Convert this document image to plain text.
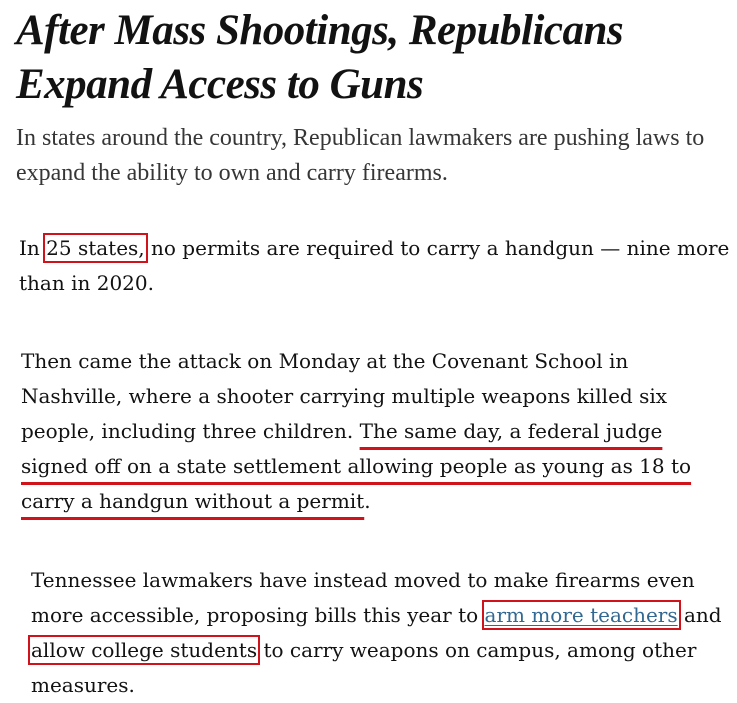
After Mass Shootings, Republicans Expand Access to Guns

In states around the country, Republican lawmakers are pushing laws to expand the ability to own and carry firearms.

In 25 states, no permits are required to carry a handgun — nine more than in 2020.

Then came the attack on Monday at the Covenant School in Nashville, where a shooter carrying multiple weapons killed six people, including three children. The same day, a federal judge signed off on a state settlement allowing people as young as 18 to carry a handgun without a permit.

Tennessee lawmakers have instead moved to make firearms even more accessible, proposing bills this year to arm more teachers and allow college students to carry weapons on campus, among other measures.
